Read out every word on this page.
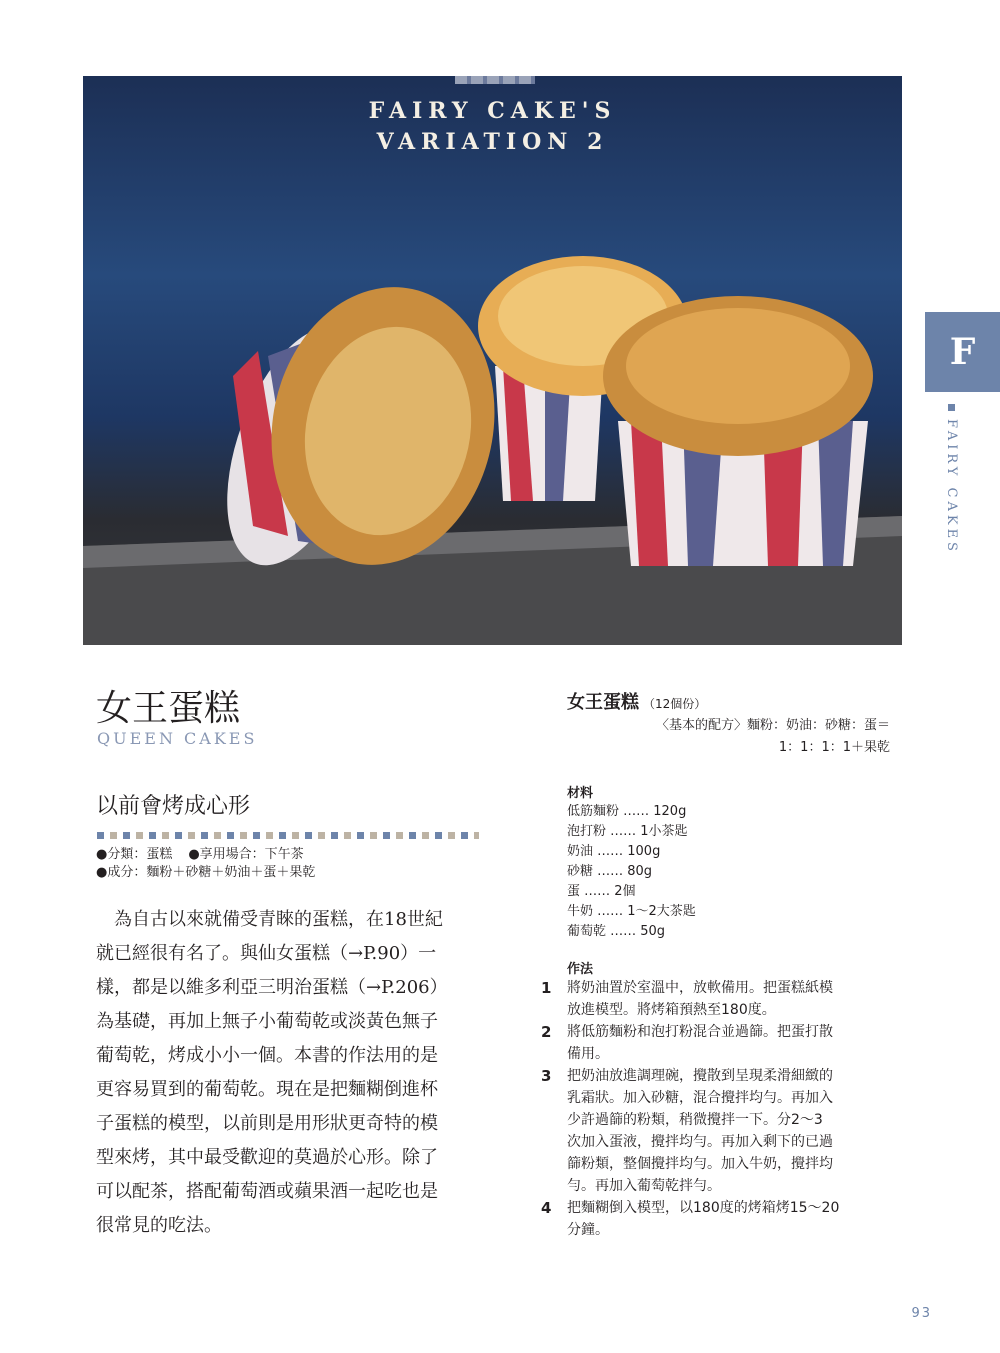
FAIRY CAKE'S
VARIATION 2
F
FAIRY CAKES
女王蛋糕
QUEEN CAKES
以前會烤成心形
●分類：蛋糕 ●享用場合：下午茶
●成分：麵粉＋砂糖＋奶油＋蛋＋果乾

　為自古以來就備受青睞的蛋糕，在18世紀
就已經很有名了。與仙女蛋糕（→P.90）一
樣，都是以維多利亞三明治蛋糕（→P.206）
為基礎，再加上無子小葡萄乾或淡黃色無子
葡萄乾，烤成小小一個。本書的作法用的是
更容易買到的葡萄乾。現在是把麵糊倒進杯
子蛋糕的模型，以前則是用形狀更奇特的模
型來烤，其中最受歡迎的莫過於心形。除了
可以配茶，搭配葡萄酒或蘋果酒一起吃也是
很常見的吃法。

女王蛋糕 （12個份）
〈基本的配方〉麵粉：奶油：砂糖：蛋＝
1：1：1：1＋果乾
材料
低筋麵粉 …… 120g
泡打粉 …… 1小茶匙
奶油 …… 100g
砂糖 …… 80g
蛋 …… 2個
牛奶 …… 1～2大茶匙
葡萄乾 …… 50g
作法
1 將奶油置於室溫中，放軟備用。把蛋糕紙模
放進模型。將烤箱預熱至180度。
2 將低筋麵粉和泡打粉混合並過篩。把蛋打散
備用。
3 把奶油放進調理碗，攪散到呈現柔滑細緻的
乳霜狀。加入砂糖，混合攪拌均勻。再加入
少許過篩的粉類，稍微攪拌一下。分2～3
次加入蛋液，攪拌均勻。再加入剩下的已過
篩粉類，整個攪拌均勻。加入牛奶，攪拌均
勻。再加入葡萄乾拌勻。
4 把麵糊倒入模型，以180度的烤箱烤15～20
分鐘。
93
